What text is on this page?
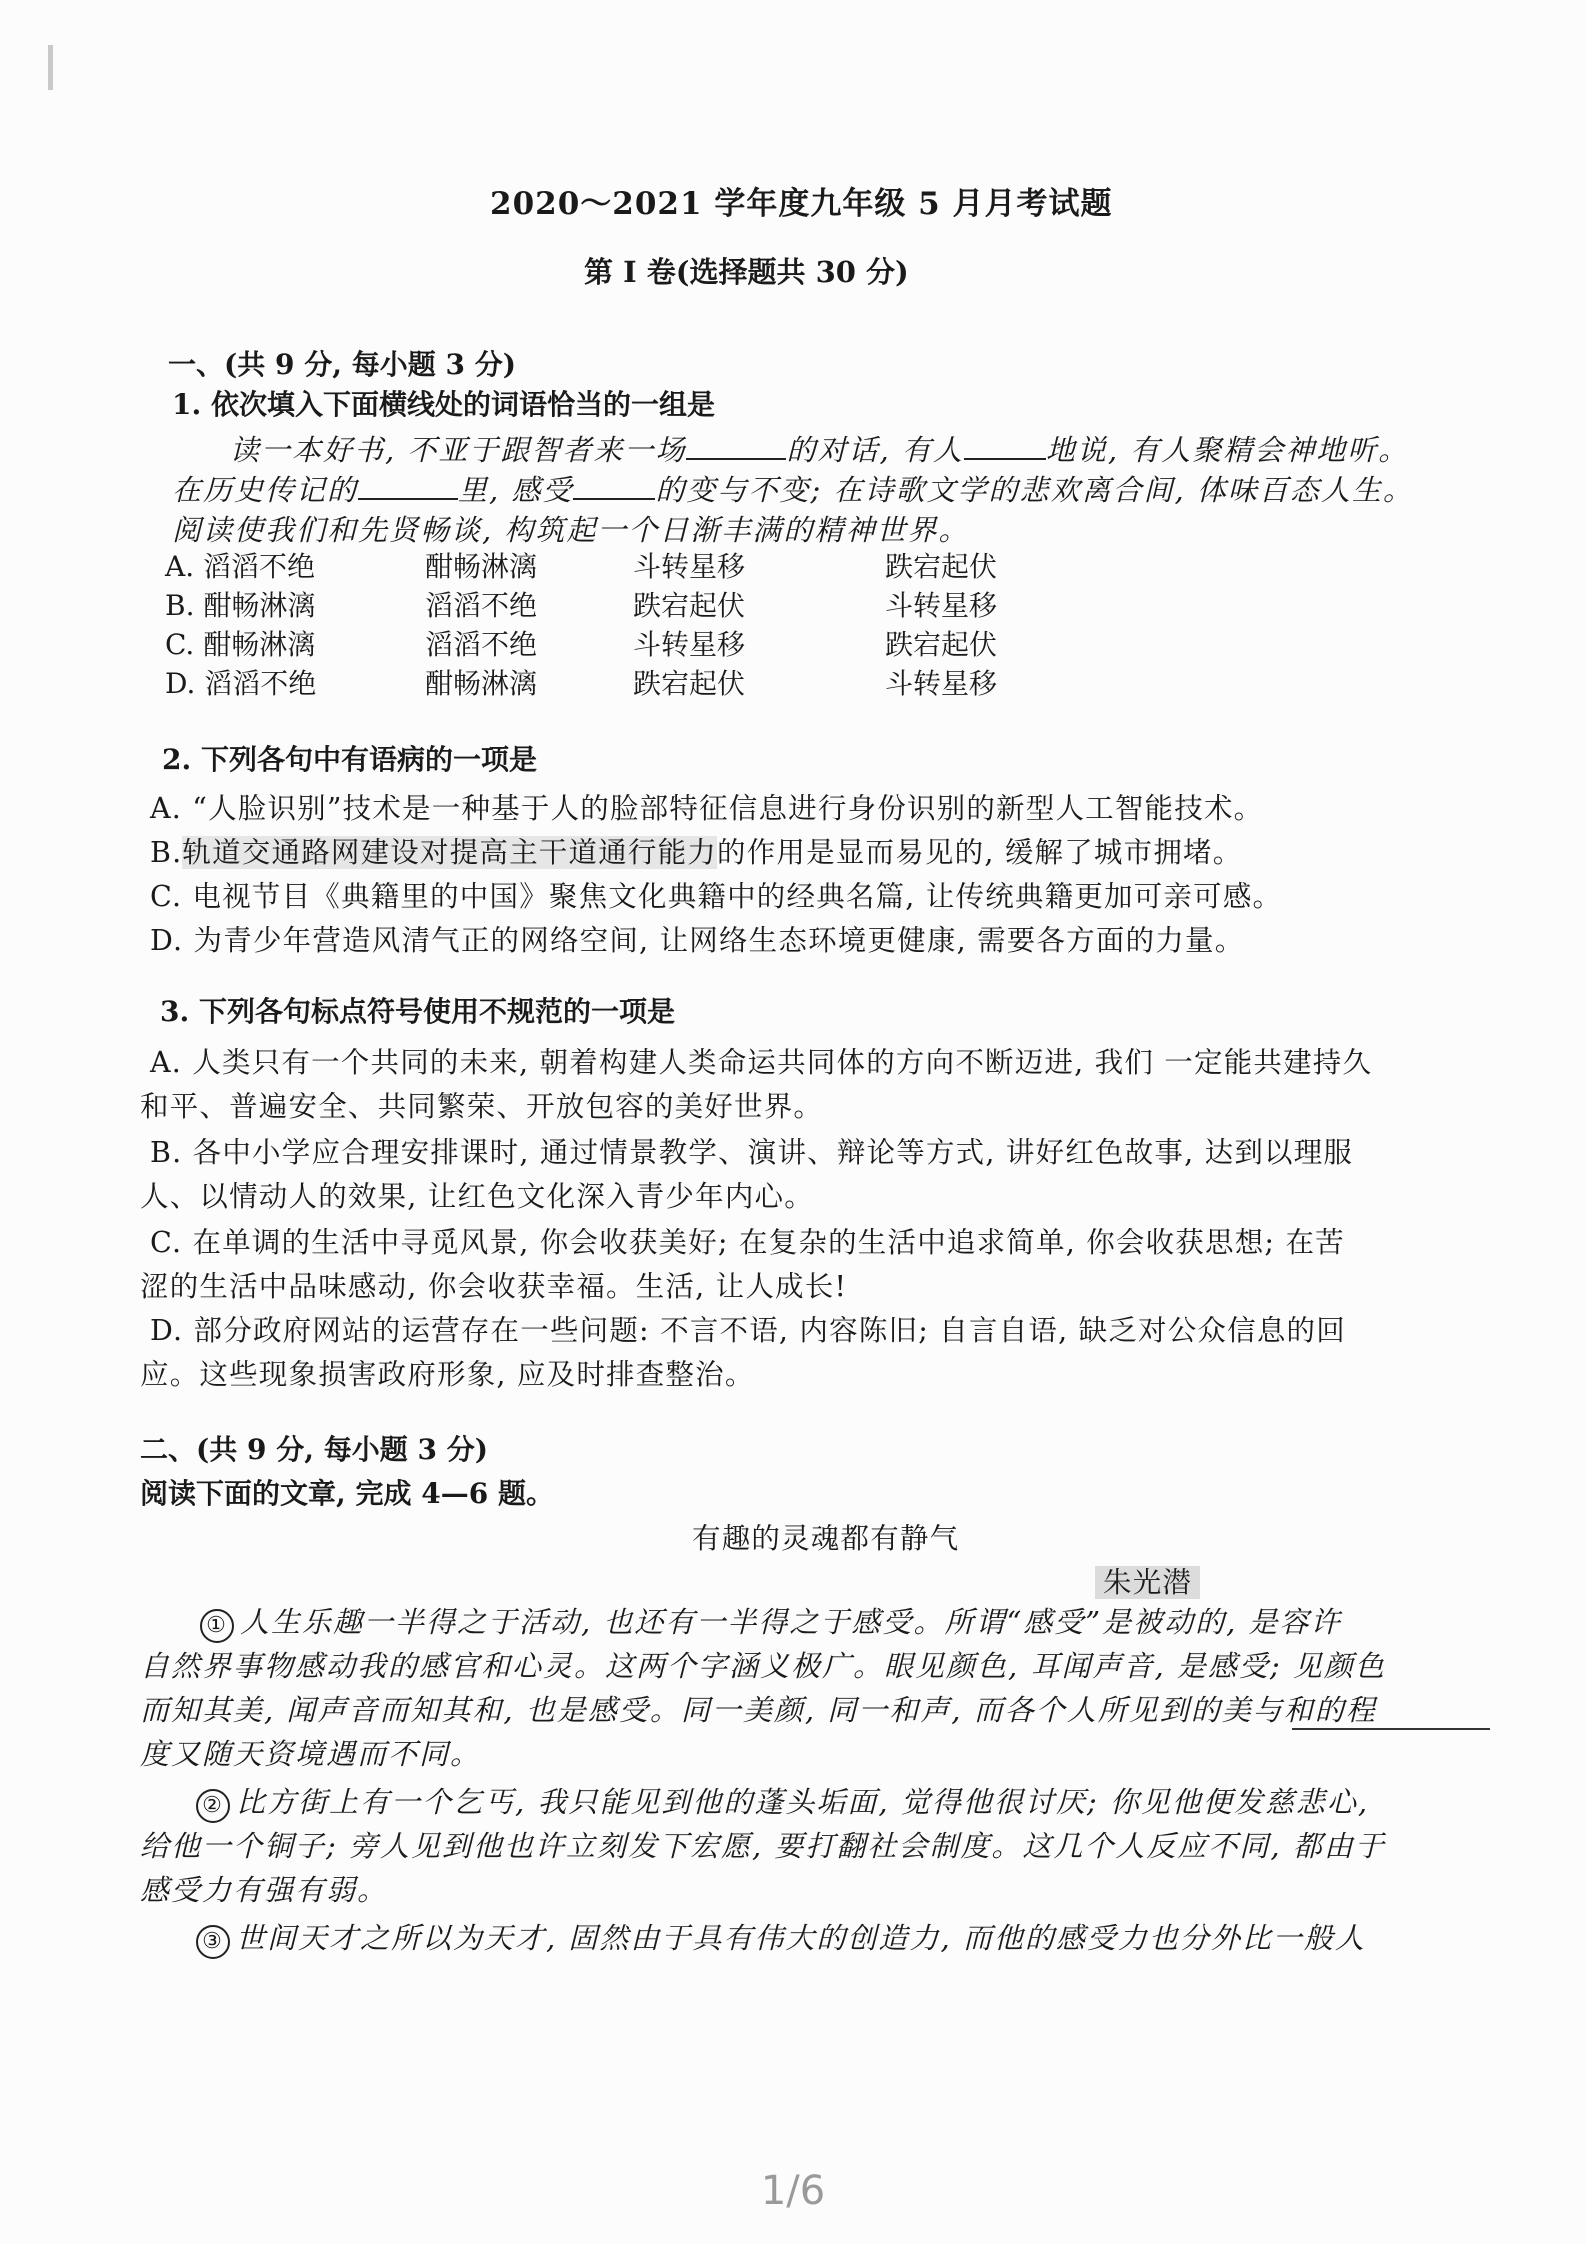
2020～2021 学年度九年级 5 月月考试题
第 Ⅰ 卷(选择题共 30 分)
一、(共 9 分, 每小题 3 分)
1. 依次填入下面横线处的词语恰当的一组是
读一本好书, 不亚于跟智者来一场	的对话, 有人	地说, 有人聚精会神地听。
在历史传记的	里, 感受	的变与不变; 在诗歌文学的悲欢离合间, 体味百态人生。
阅读使我们和先贤畅谈, 构筑起一个日渐丰满的精神世界。
A. 滔滔不绝	酣畅淋漓	斗转星移	跌宕起伏
B. 酣畅淋漓	滔滔不绝	跌宕起伏	斗转星移
C. 酣畅淋漓	滔滔不绝	斗转星移	跌宕起伏
D. 滔滔不绝	酣畅淋漓	跌宕起伏	斗转星移
2. 下列各句中有语病的一项是
A. “人脸识别”技术是一种基于人的脸部特征信息进行身份识别的新型人工智能技术。
B.轨道交通路网建设对提高主干道通行能力的作用是显而易见的, 缓解了城市拥堵。
C. 电视节目《典籍里的中国》聚焦文化典籍中的经典名篇, 让传统典籍更加可亲可感。
D. 为青少年营造风清气正的网络空间, 让网络生态环境更健康, 需要各方面的力量。
3. 下列各句标点符号使用不规范的一项是
A. 人类只有一个共同的未来, 朝着构建人类命运共同体的方向不断迈进, 我们 一定能共建持久
和平、普遍安全、共同繁荣、开放包容的美好世界。
B. 各中小学应合理安排课时, 通过情景教学、演讲、辩论等方式, 讲好红色故事, 达到以理服
人、以情动人的效果, 让红色文化深入青少年内心。
C. 在单调的生活中寻觅风景, 你会收获美好; 在复杂的生活中追求简单, 你会收获思想; 在苦
涩的生活中品味感动, 你会收获幸福。生活, 让人成长!
D. 部分政府网站的运营存在一些问题: 不言不语, 内容陈旧; 自言自语, 缺乏对公众信息的回
应。这些现象损害政府形象, 应及时排查整治。
二、(共 9 分, 每小题 3 分)
阅读下面的文章, 完成 4—6 题。
有趣的灵魂都有静气
朱光潜
① 人生乐趣一半得之于活动, 也还有一半得之于感受。所谓“感受”是被动的, 是容许
自然界事物感动我的感官和心灵。这两个字涵义极广。眼见颜色, 耳闻声音, 是感受; 见颜色
而知其美, 闻声音而知其和, 也是感受。同一美颜, 同一和声, 而各个人所见到的美与和的程
度又随天资境遇而不同。
② 比方街上有一个乞丐, 我只能见到他的蓬头垢面, 觉得他很讨厌; 你见他便发慈悲心,
给他一个铜子; 旁人见到他也许立刻发下宏愿, 要打翻社会制度。这几个人反应不同, 都由于
感受力有强有弱。
③ 世间天才之所以为天才, 固然由于具有伟大的创造力, 而他的感受力也分外比一般人
1/6
